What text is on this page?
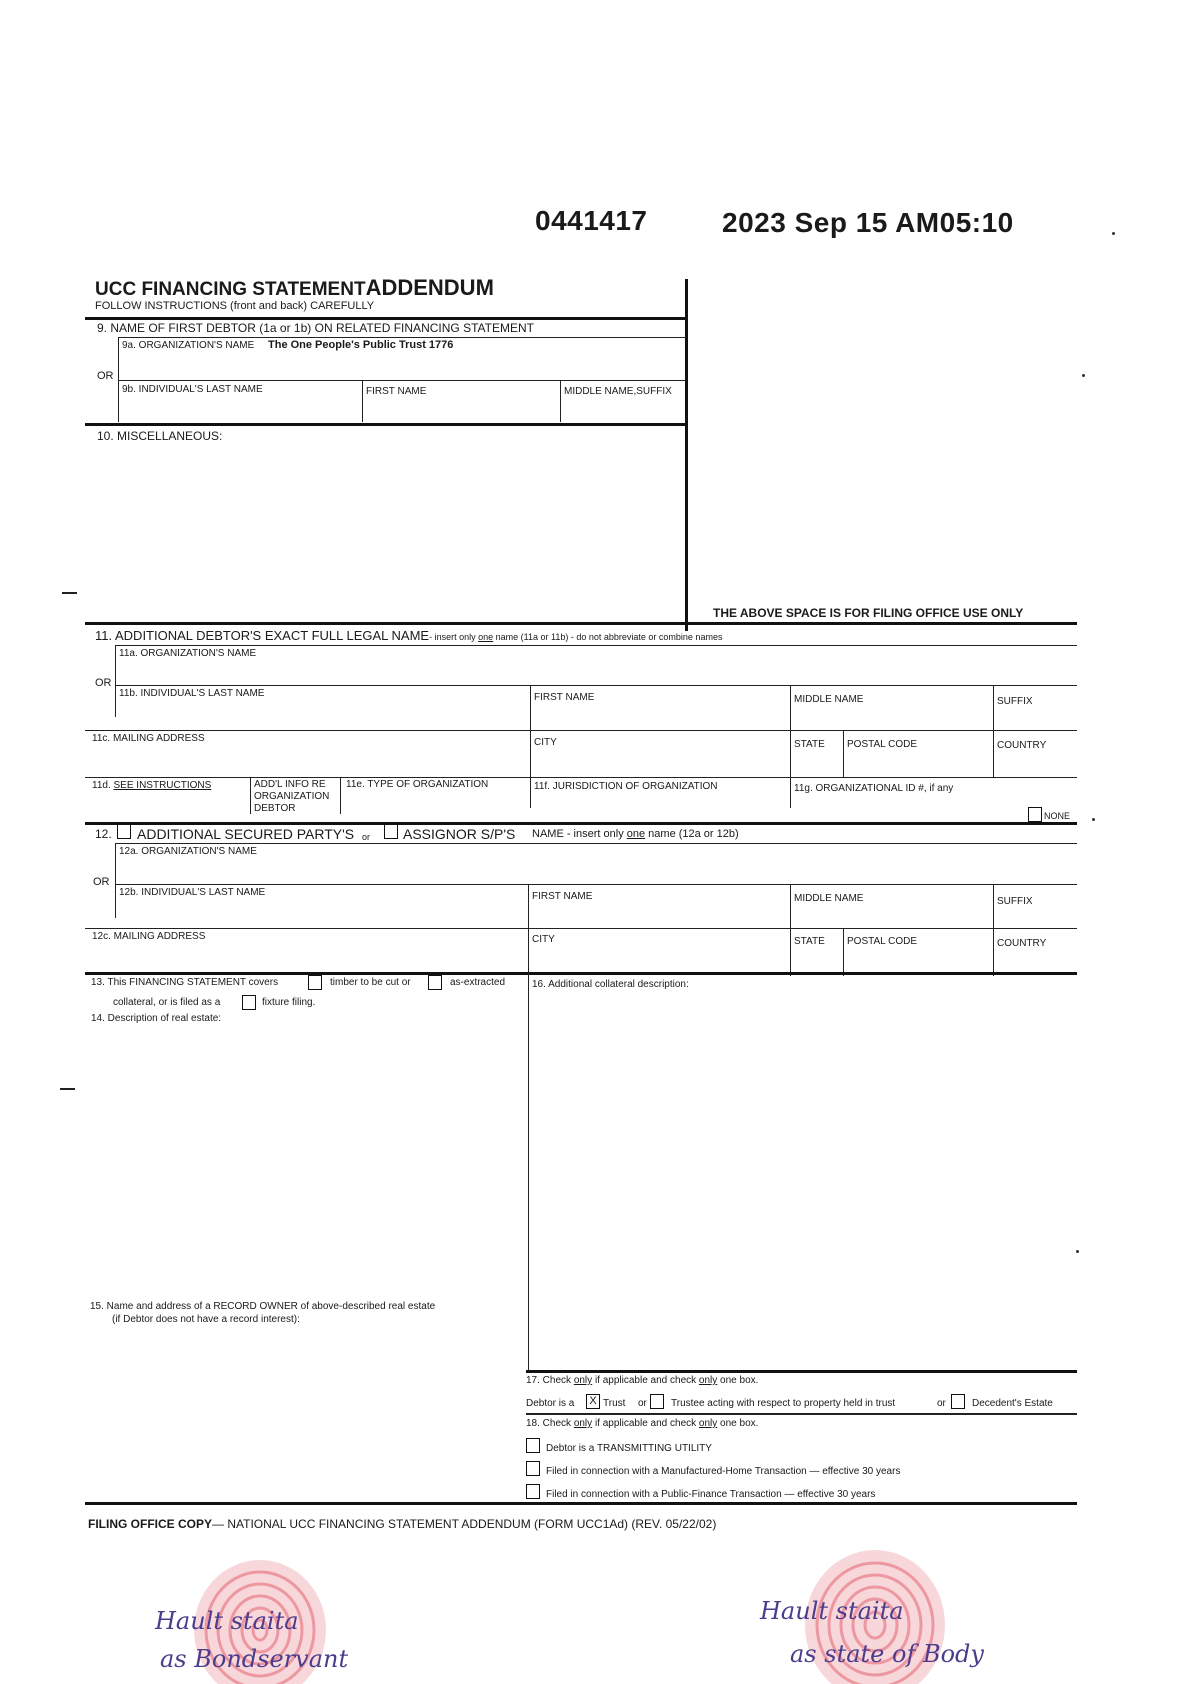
0441417	2023 Sep 15 AM05:10
UCC FINANCING STATEMENTADDENDUM
FOLLOW INSTRUCTIONS (front and back) CAREFULLY
9. NAME OF FIRST DEBTOR (1a or 1b) ON RELATED FINANCING STATEMENT
9a. ORGANIZATION'S NAME The One People's Public Trust 1776
OR
9b. INDIVIDUAL'S LAST NAME	FIRST NAME	MIDDLE NAME,SUFFIX
10. MISCELLANEOUS:
THE ABOVE SPACE IS FOR FILING OFFICE USE ONLY
11. ADDITIONAL DEBTOR'S EXACT FULL LEGAL NAME- insert only one name (11a or 11b) - do not abbreviate or combine names
11a. ORGANIZATION'S NAME
OR
11b. INDIVIDUAL'S LAST NAME	FIRST NAME	MIDDLE NAME	SUFFIX
11c. MAILING ADDRESS	CITY	STATE POSTAL CODE	COUNTRY
11d. SEE INSTRUCTIONS	ADD'L INFO RE
ORGANIZATION
DEBTOR
11e. TYPE OF ORGANIZATION	11f. JURISDICTION OF ORGANIZATION	11g. ORGANIZATIONAL ID #, if any
NONE
12. ADDITIONAL SECURED PARTY'S or ASSIGNOR S/P'S NAME - insert only one name (12a or 12b)
12a. ORGANIZATION'S NAME
OR
12b. INDIVIDUAL'S LAST NAME	FIRST NAME	MIDDLE NAME	SUFFIX
12c. MAILING ADDRESS	CITY	STATE POSTAL CODE	COUNTRY
13. This FINANCING STATEMENT covers	timber to be cut or	as-extracted
collateral, or is filed as a	fixture filing.
14. Description of real estate:
16. Additional collateral description:
15. Name and address of a RECORD OWNER of above-described real estate
(if Debtor does not have a record interest):
17. Check only if applicable and check only one box.
Debtor is a	X Trust or Trustee acting with respect to property held in trust	or	Decedent's Estate
18. Check only if applicable and check only one box.
Debtor is a TRANSMITTING UTILITY
Filed in connection with a Manufactured-Home Transaction — effective 30 years
Filed in connection with a Public-Finance Transaction — effective 30 years
FILING OFFICE COPY— NATIONAL UCC FINANCING STATEMENT ADDENDUM (FORM UCC1Ad) (REV. 05/22/02)
Hault staita
as Bondservant
Hault staita
as state of Body
